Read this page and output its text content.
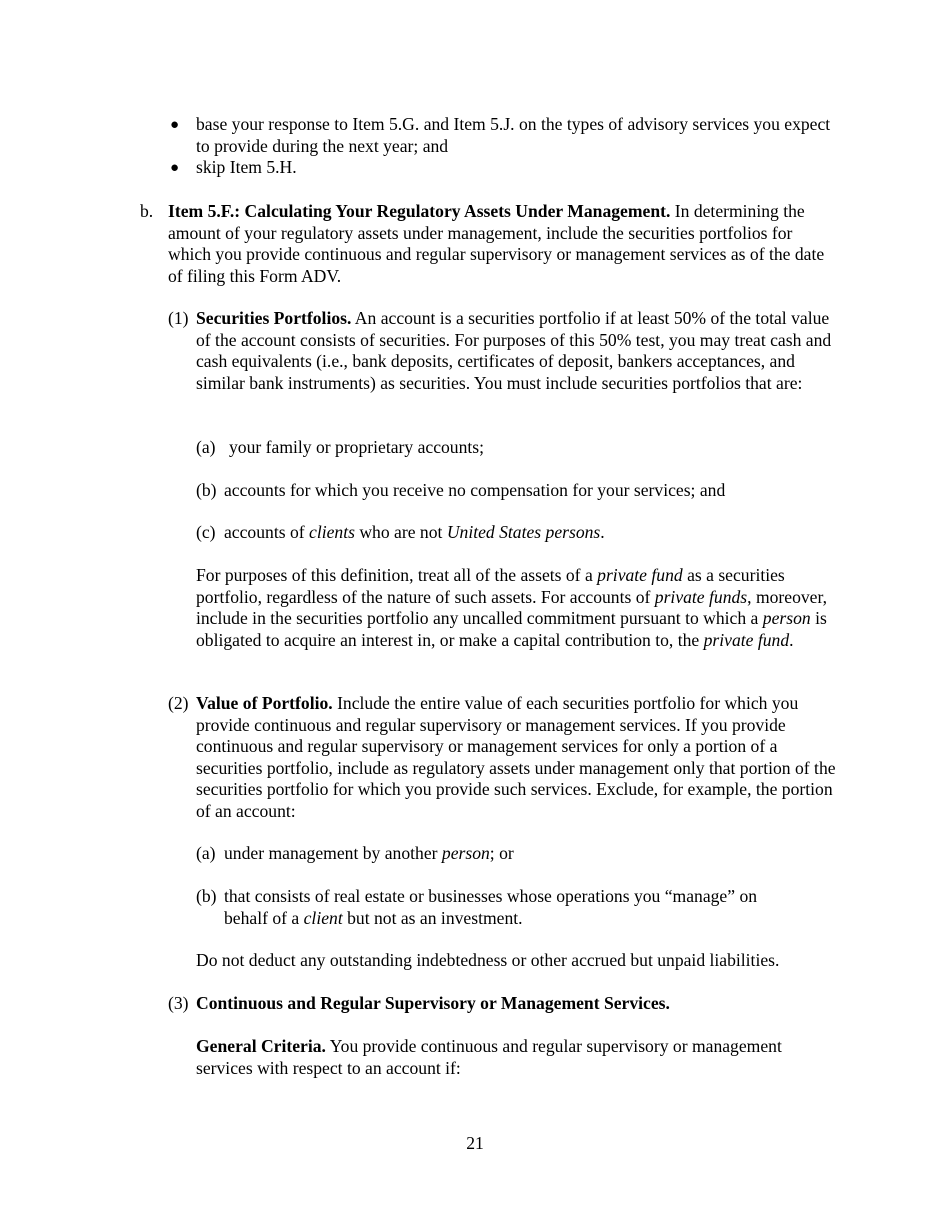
● base your response to Item 5.G. and Item 5.J. on the types of advisory services you expect to provide during the next year; and

● skip Item 5.H.

b. Item 5.F.: Calculating Your Regulatory Assets Under Management. In determining the amount of your regulatory assets under management, include the securities portfolios for which you provide continuous and regular supervisory or management services as of the date of filing this Form ADV.

(1) Securities Portfolios. An account is a securities portfolio if at least 50% of the total value of the account consists of securities. For purposes of this 50% test, you may treat cash and cash equivalents (i.e., bank deposits, certificates of deposit, bankers acceptances, and similar bank instruments) as securities. You must include securities portfolios that are:

(a) your family or proprietary accounts;

(b) accounts for which you receive no compensation for your services; and

(c) accounts of clients who are not United States persons.

For purposes of this definition, treat all of the assets of a private fund as a securities portfolio, regardless of the nature of such assets. For accounts of private funds, moreover, include in the securities portfolio any uncalled commitment pursuant to which a person is obligated to acquire an interest in, or make a capital contribution to, the private fund.

(2) Value of Portfolio. Include the entire value of each securities portfolio for which you provide continuous and regular supervisory or management services. If you provide continuous and regular supervisory or management services for only a portion of a securities portfolio, include as regulatory assets under management only that portion of the securities portfolio for which you provide such services. Exclude, for example, the portion of an account:

(a) under management by another person; or

(b) that consists of real estate or businesses whose operations you “manage” on behalf of a client but not as an investment.

Do not deduct any outstanding indebtedness or other accrued but unpaid liabilities.

(3) Continuous and Regular Supervisory or Management Services.

General Criteria. You provide continuous and regular supervisory or management services with respect to an account if:

21
